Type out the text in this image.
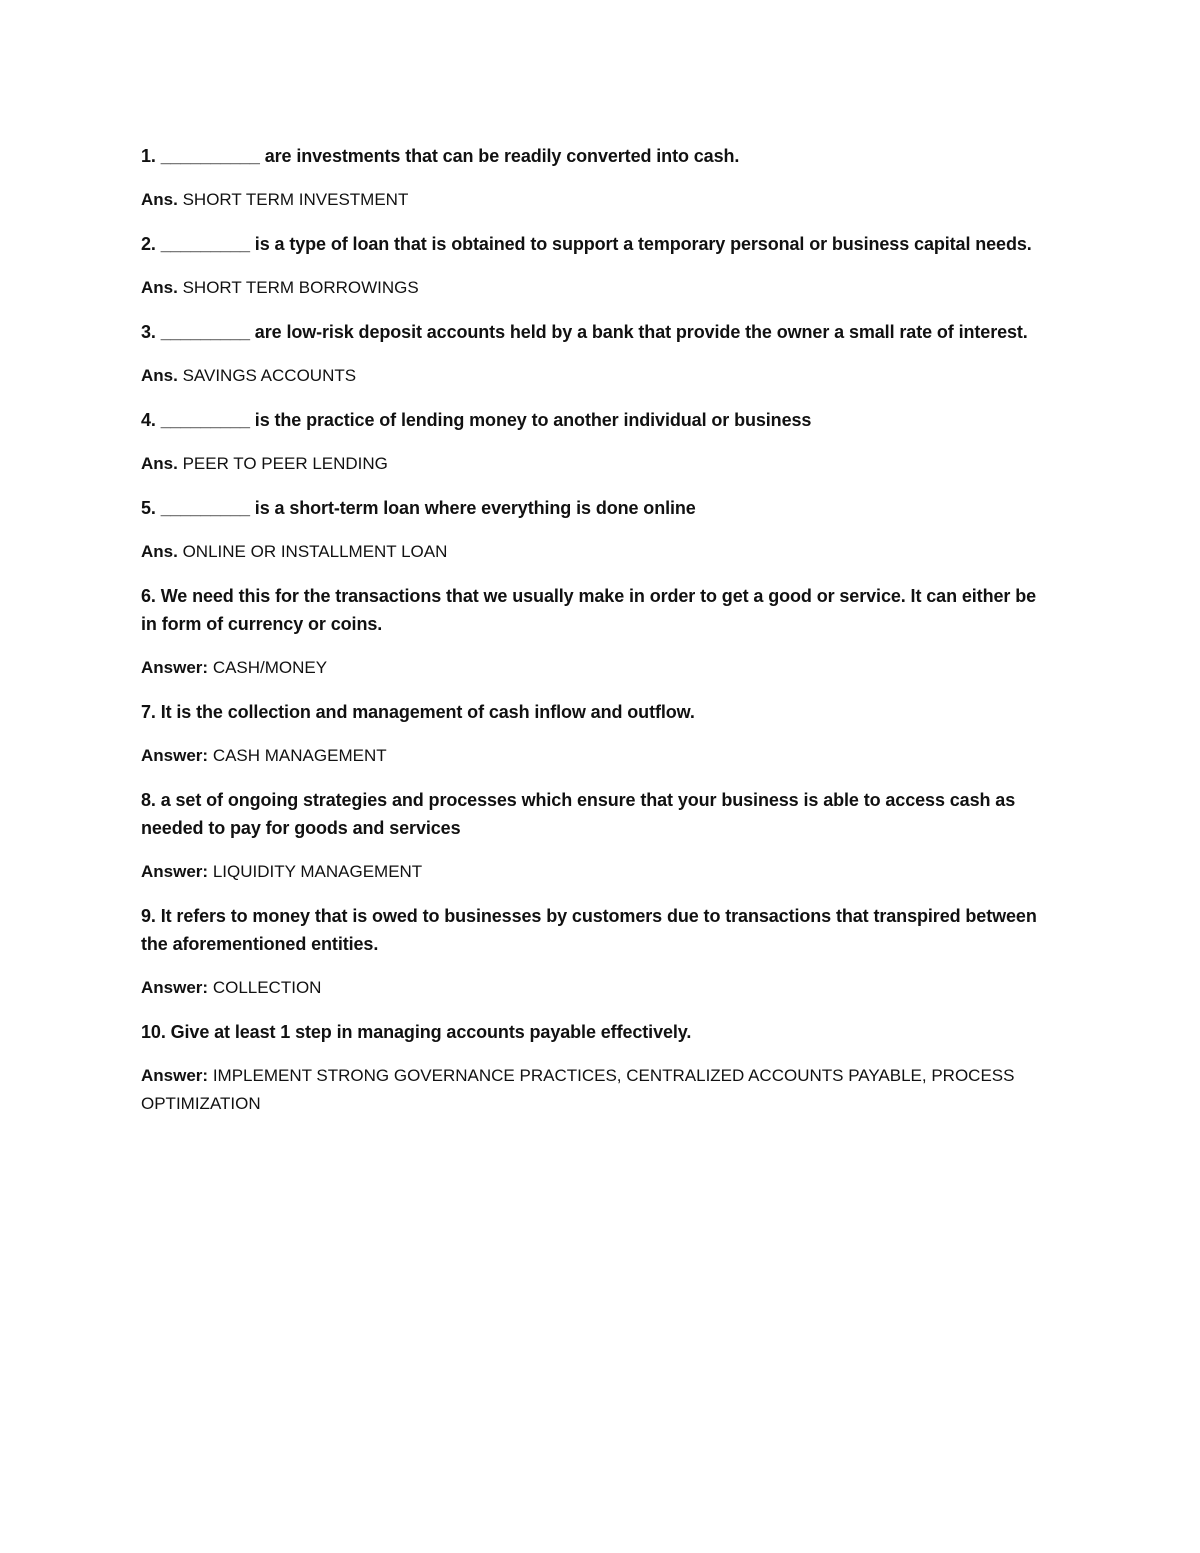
1. __________ are investments that can be readily converted into cash.

Ans. SHORT TERM INVESTMENT

2. _________ is a type of loan that is obtained to support a temporary personal or business capital needs.

Ans. SHORT TERM BORROWINGS

3. _________ are low-risk deposit accounts held by a bank that provide the owner a small rate of interest.

Ans. SAVINGS ACCOUNTS

4. _________ is the practice of lending money to another individual or business

Ans. PEER TO PEER LENDING

5. _________ is a short-term loan where everything is done online

Ans. ONLINE OR INSTALLMENT LOAN

6. We need this for the transactions that we usually make in order to get a good or service. It can either be in form of currency or coins.

Answer: CASH/MONEY

7. It is the collection and management of cash inflow and outflow.

Answer: CASH MANAGEMENT

8. a set of ongoing strategies and processes which ensure that your business is able to access cash as needed to pay for goods and services

Answer: LIQUIDITY MANAGEMENT

9. It refers to money that is owed to businesses by customers due to transactions that transpired between the aforementioned entities.

Answer: COLLECTION

10. Give at least 1 step in managing accounts payable effectively.

Answer: IMPLEMENT STRONG GOVERNANCE PRACTICES, CENTRALIZED ACCOUNTS PAYABLE, PROCESS OPTIMIZATION
